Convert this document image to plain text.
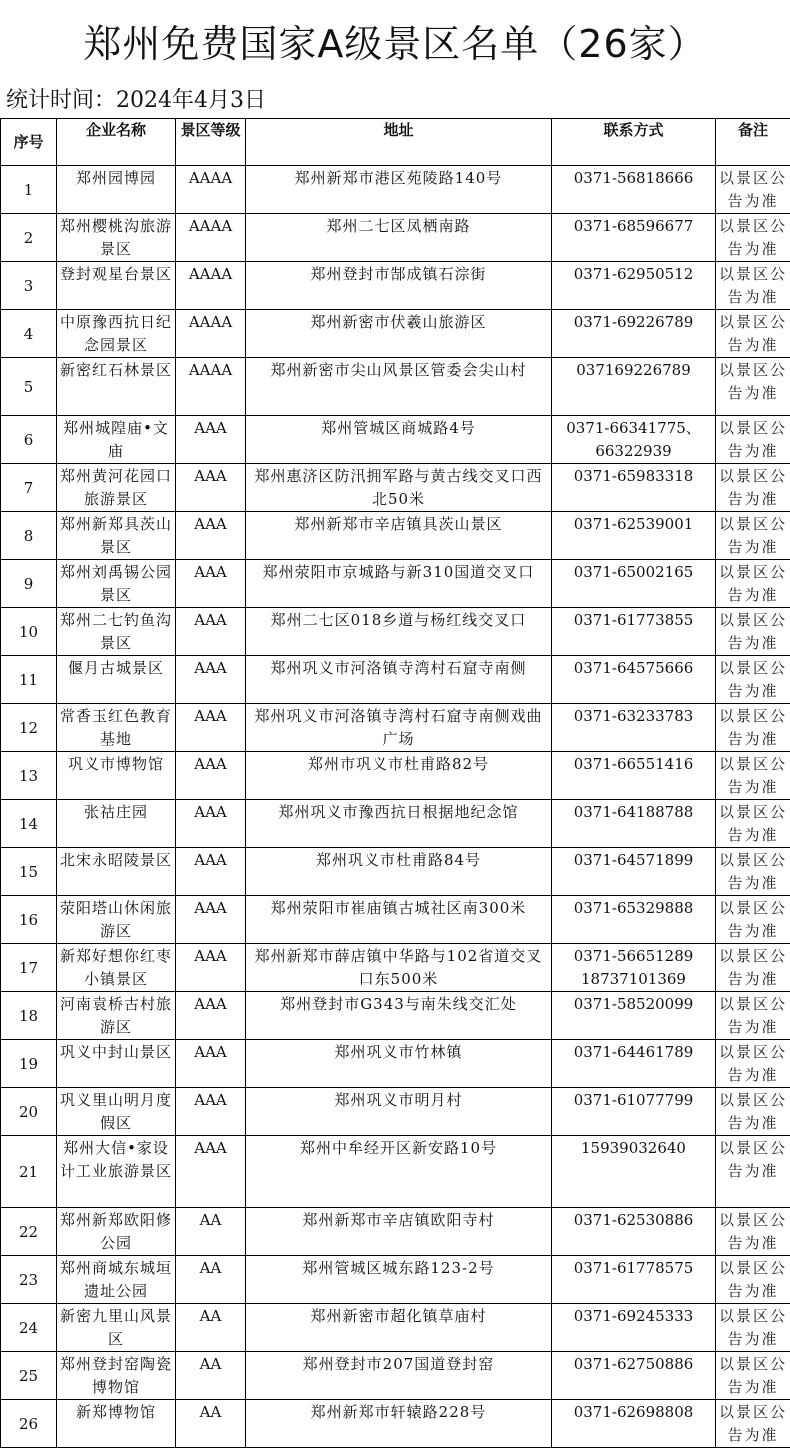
郑州免费国家A级景区名单（26家）
统计时间：2024年4月3日
序号	企业名称	景区等级	地址	联系方式	备注
1	郑州园博园	AAAA	郑州新郑市港区苑陵路140号	0371-56818666	以景区公告为准
2	郑州樱桃沟旅游景区	AAAA	郑州二七区凤栖南路	0371-68596677	以景区公告为准
3	登封观星台景区	AAAA	郑州登封市郜成镇石淙街	0371-62950512	以景区公告为准
4	中原豫西抗日纪念园景区	AAAA	郑州新密市伏羲山旅游区	0371-69226789	以景区公告为准
5	新密红石林景区	AAAA	郑州新密市尖山风景区管委会尖山村	037169226789	以景区公告为准
6	郑州城隍庙•文庙	AAA	郑州管城区商城路4号	0371-66341775、66322939	以景区公告为准
7	郑州黄河花园口旅游景区	AAA	郑州惠济区防汛拥军路与黄古线交叉口西北50米	0371-65983318	以景区公告为准
8	郑州新郑具茨山景区	AAA	郑州新郑市辛店镇具茨山景区	0371-62539001	以景区公告为准
9	郑州刘禹锡公园景区	AAA	郑州荥阳市京城路与新310国道交叉口	0371-65002165	以景区公告为准
10	郑州二七钓鱼沟景区	AAA	郑州二七区018乡道与杨红线交叉口	0371-61773855	以景区公告为准
11	偃月古城景区	AAA	郑州巩义市河洛镇寺湾村石窟寺南侧	0371-64575666	以景区公告为准
12	常香玉红色教育基地	AAA	郑州巩义市河洛镇寺湾村石窟寺南侧戏曲广场	0371-63233783	以景区公告为准
13	巩义市博物馆	AAA	郑州市巩义市杜甫路82号	0371-66551416	以景区公告为准
14	张祜庄园	AAA	郑州巩义市豫西抗日根据地纪念馆	0371-64188788	以景区公告为准
15	北宋永昭陵景区	AAA	郑州巩义市杜甫路84号	0371-64571899	以景区公告为准
16	荥阳塔山休闲旅游区	AAA	郑州荥阳市崔庙镇古城社区南300米	0371-65329888	以景区公告为准
17	新郑好想你红枣小镇景区	AAA	郑州新郑市薛店镇中华路与102省道交叉口东500米	0371-56651289 18737101369	以景区公告为准
18	河南袁桥古村旅游区	AAA	郑州登封市G343与南朱线交汇处	0371-58520099	以景区公告为准
19	巩义中封山景区	AAA	郑州巩义市竹林镇	0371-64461789	以景区公告为准
20	巩义里山明月度假区	AAA	郑州巩义市明月村	0371-61077799	以景区公告为准
21	郑州大信•家设计工业旅游景区	AAA	郑州中牟经开区新安路10号	15939032640	以景区公告为准
22	郑州新郑欧阳修公园	AA	郑州新郑市辛店镇欧阳寺村	0371-62530886	以景区公告为准
23	郑州商城东城垣遗址公园	AA	郑州管城区城东路123-2号	0371-61778575	以景区公告为准
24	新密九里山风景区	AA	郑州新密市超化镇草庙村	0371-69245333	以景区公告为准
25	郑州登封窑陶瓷博物馆	AA	郑州登封市207国道登封窑	0371-62750886	以景区公告为准
26	新郑博物馆	AA	郑州新郑市轩辕路228号	0371-62698808	以景区公告为准
